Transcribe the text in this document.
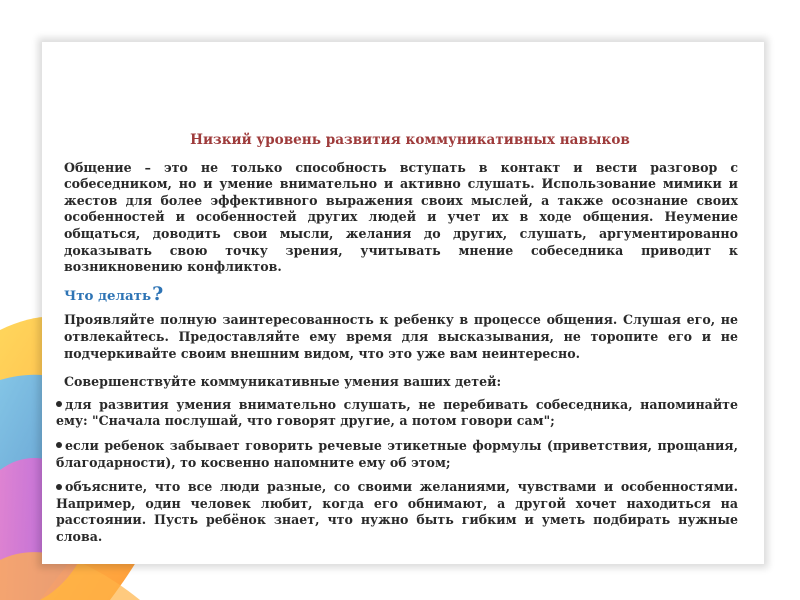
Низкий уровень развития коммуникативных навыков

Общение – это не только способность вступать в контакт и вести разговор с собеседником, но и умение внимательно и активно слушать. Использование мимики и жестов для более эффективного выражения своих мыслей, а также осознание своих особенностей и особенностей других людей и учет их в ходе общения. Неумение общаться, доводить свои мысли, желания до других, слушать, аргументированно доказывать свою точку зрения, учитывать мнение собеседника приводит к возникновению конфликтов.

Что делать?

Проявляйте полную заинтересованность к ребенку в процессе общения. Слушая его, не отвлекайтесь. Предоставляйте ему время для высказывания, не торопите его и не подчеркивайте своим внешним видом, что это уже вам неинтересно.

Совершенствуйте коммуникативные умения ваших детей:

для развития умения внимательно слушать, не перебивать собеседника, напоминайте ему: "Сначала послушай, что говорят другие, а потом говори сам";
если ребенок забывает говорить речевые этикетные формулы (приветствия, прощания, благодарности), то косвенно напомните ему об этом;
объясните, что все люди разные, со своими желаниями, чувствами и особенностями. Например, один человек любит, когда его обнимают, а другой хочет находиться на расстоянии. Пусть ребёнок знает, что нужно быть гибким и уметь подбирать нужные слова.
